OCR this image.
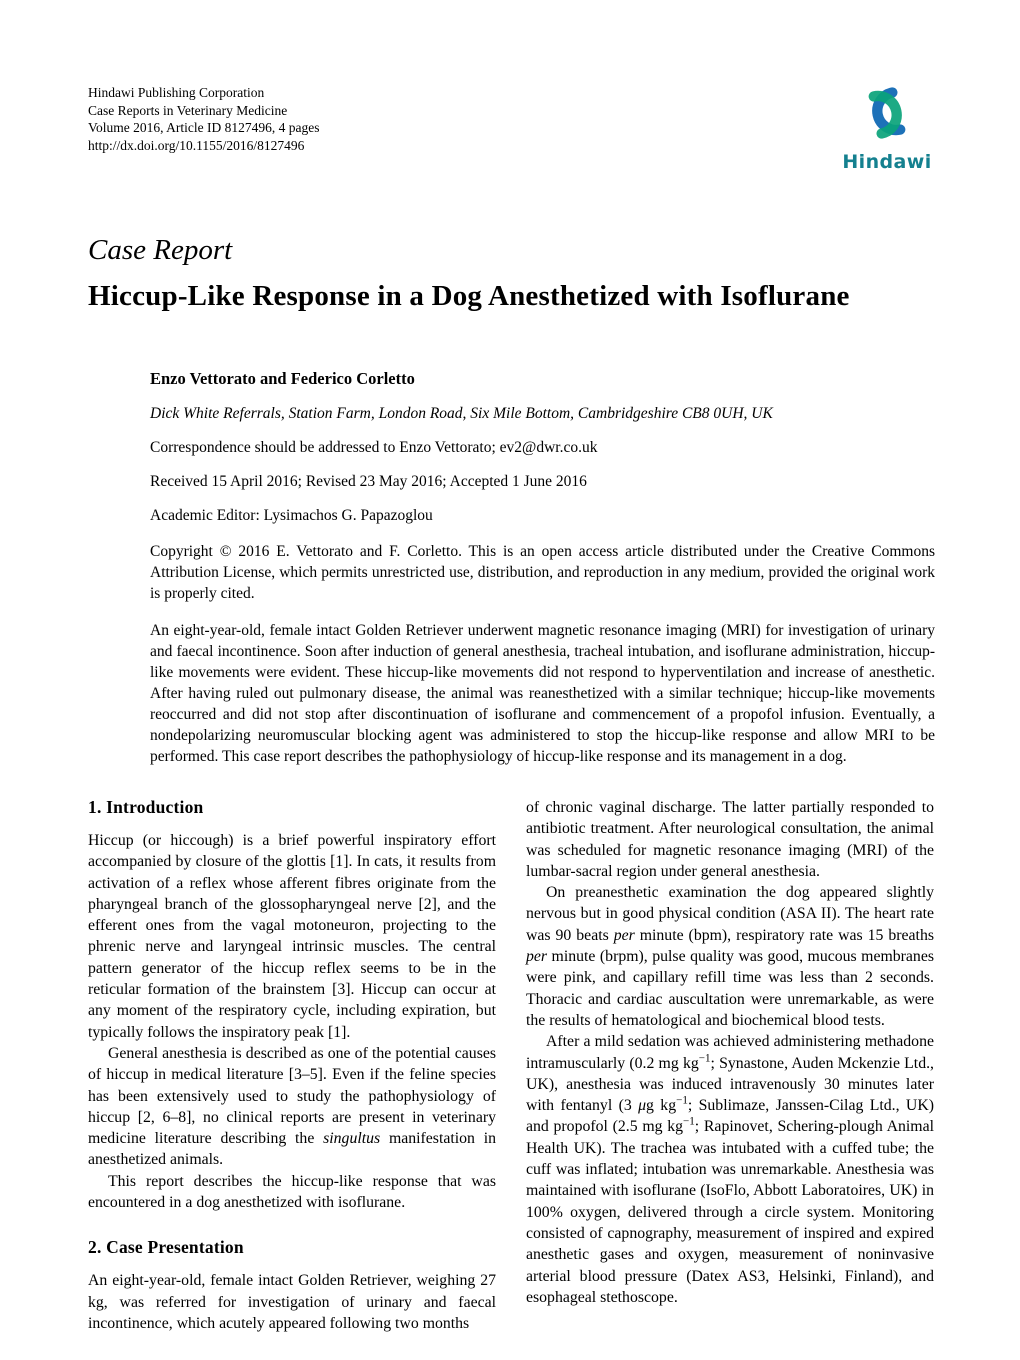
Hindawi Publishing Corporation
Case Reports in Veterinary Medicine
Volume 2016, Article ID 8127496, 4 pages
http://dx.doi.org/10.1155/2016/8127496
Hindawi
Case Report
Hiccup-Like Response in a Dog Anesthetized with Isoflurane
Enzo Vettorato and Federico Corletto
Dick White Referrals, Station Farm, London Road, Six Mile Bottom, Cambridgeshire CB8 0UH, UK
Correspondence should be addressed to Enzo Vettorato; ev2@dwr.co.uk
Received 15 April 2016; Revised 23 May 2016; Accepted 1 June 2016
Academic Editor: Lysimachos G. Papazoglou
Copyright © 2016 E. Vettorato and F. Corletto. This is an open access article distributed under the Creative Commons Attribution License, which permits unrestricted use, distribution, and reproduction in any medium, provided the original work is properly cited.
An eight-year-old, female intact Golden Retriever underwent magnetic resonance imaging (MRI) for investigation of urinary and faecal incontinence. Soon after induction of general anesthesia, tracheal intubation, and isoflurane administration, hiccup-like movements were evident. These hiccup-like movements did not respond to hyperventilation and increase of anesthetic. After having ruled out pulmonary disease, the animal was reanesthetized with a similar technique; hiccup-like movements reoccurred and did not stop after discontinuation of isoflurane and commencement of a propofol infusion. Eventually, a nondepolarizing neuromuscular blocking agent was administered to stop the hiccup-like response and allow MRI to be performed. This case report describes the pathophysiology of hiccup-like response and its management in a dog.
1. Introduction

Hiccup (or hiccough) is a brief powerful inspiratory effort accompanied by closure of the glottis [1]. In cats, it results from activation of a reflex whose afferent fibres originate from the pharyngeal branch of the glossopharyngeal nerve [2], and the efferent ones from the vagal motoneuron, projecting to the phrenic nerve and laryngeal intrinsic muscles. The central pattern generator of the hiccup reflex seems to be in the reticular formation of the brainstem [3]. Hiccup can occur at any moment of the respiratory cycle, including expiration, but typically follows the inspiratory peak [1].

General anesthesia is described as one of the potential causes of hiccup in medical literature [3–5]. Even if the feline species has been extensively used to study the pathophysiology of hiccup [2, 6–8], no clinical reports are present in veterinary medicine literature describing the singultus manifestation in anesthetized animals.

This report describes the hiccup-like response that was encountered in a dog anesthetized with isoflurane.

2. Case Presentation

An eight-year-old, female intact Golden Retriever, weighing 27 kg, was referred for investigation of urinary and faecal incontinence, which acutely appeared following two months

of chronic vaginal discharge. The latter partially responded to antibiotic treatment. After neurological consultation, the animal was scheduled for magnetic resonance imaging (MRI) of the lumbar-sacral region under general anesthesia.

On preanesthetic examination the dog appeared slightly nervous but in good physical condition (ASA II). The heart rate was 90 beats per minute (bpm), respiratory rate was 15 breaths per minute (brpm), pulse quality was good, mucous membranes were pink, and capillary refill time was less than 2 seconds. Thoracic and cardiac auscultation were unremarkable, as were the results of hematological and biochemical blood tests.

After a mild sedation was achieved administering methadone intramuscularly (0.2 mg $kg^{-1}$; Synastone, Auden Mckenzie Ltd., UK), anesthesia was induced intravenously 30 minutes later with fentanyl (3 μg $kg^{-1}$; Sublimaze, Janssen-Cilag Ltd., UK) and propofol (2.5 mg $kg^{-1}$; Rapinovet, Schering-plough Animal Health UK). The trachea was intubated with a cuffed tube; the cuff was inflated; intubation was unremarkable. Anesthesia was maintained with isoflurane (IsoFlo, Abbott Laboratoires, UK) in 100% oxygen, delivered through a circle system. Monitoring consisted of capnography, measurement of inspired and expired anesthetic gases and oxygen, measurement of noninvasive arterial blood pressure (Datex AS3, Helsinki, Finland), and esophageal stethoscope.
